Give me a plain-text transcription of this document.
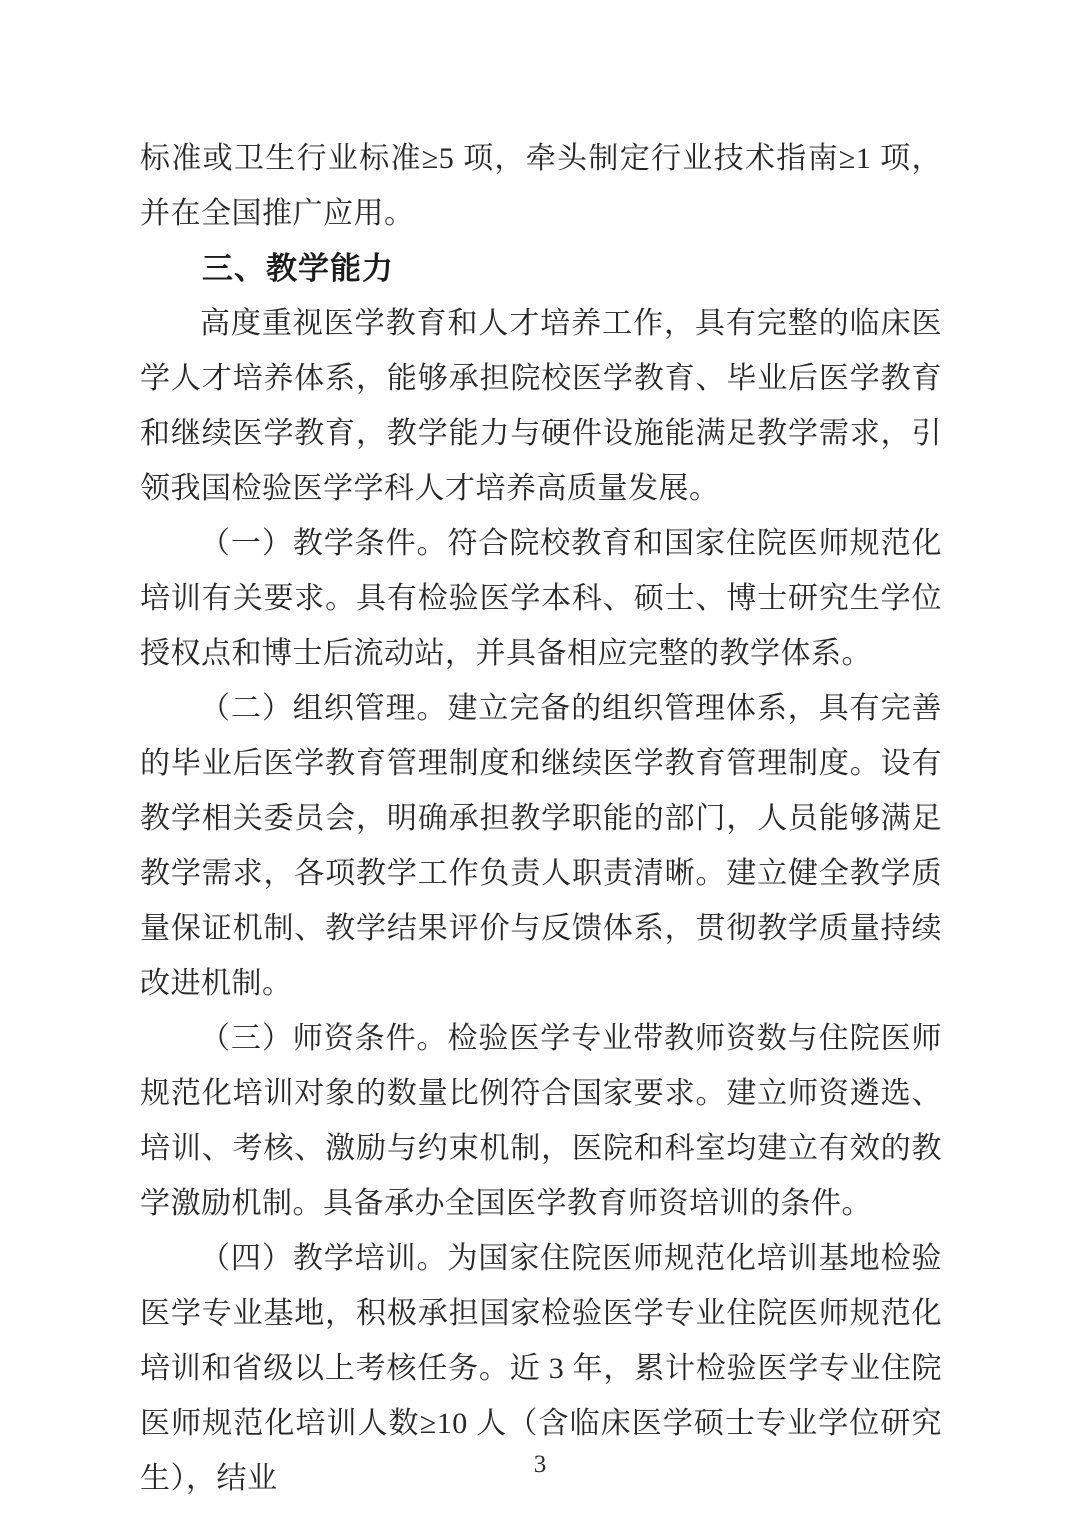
标准或卫生行业标准≥5 项，牵头制定行业技术指南≥1 项，并在全国推广应用。

三、教学能力

高度重视医学教育和人才培养工作，具有完整的临床医学人才培养体系，能够承担院校医学教育、毕业后医学教育和继续医学教育，教学能力与硬件设施能满足教学需求，引领我国检验医学学科人才培养高质量发展。

（一）教学条件。符合院校教育和国家住院医师规范化培训有关要求。具有检验医学本科、硕士、博士研究生学位授权点和博士后流动站，并具备相应完整的教学体系。

（二）组织管理。建立完备的组织管理体系，具有完善的毕业后医学教育管理制度和继续医学教育管理制度。设有教学相关委员会，明确承担教学职能的部门，人员能够满足教学需求，各项教学工作负责人职责清晰。建立健全教学质量保证机制、教学结果评价与反馈体系，贯彻教学质量持续改进机制。

（三）师资条件。检验医学专业带教师资数与住院医师规范化培训对象的数量比例符合国家要求。建立师资遴选、培训、考核、激励与约束机制，医院和科室均建立有效的教学激励机制。具备承办全国医学教育师资培训的条件。

（四）教学培训。为国家住院医师规范化培训基地检验医学专业基地，积极承担国家检验医学专业住院医师规范化培训和省级以上考核任务。近 3 年，累计检验医学专业住院医师规范化培训人数≥10 人（含临床医学硕士专业学位研究生），结业	3
